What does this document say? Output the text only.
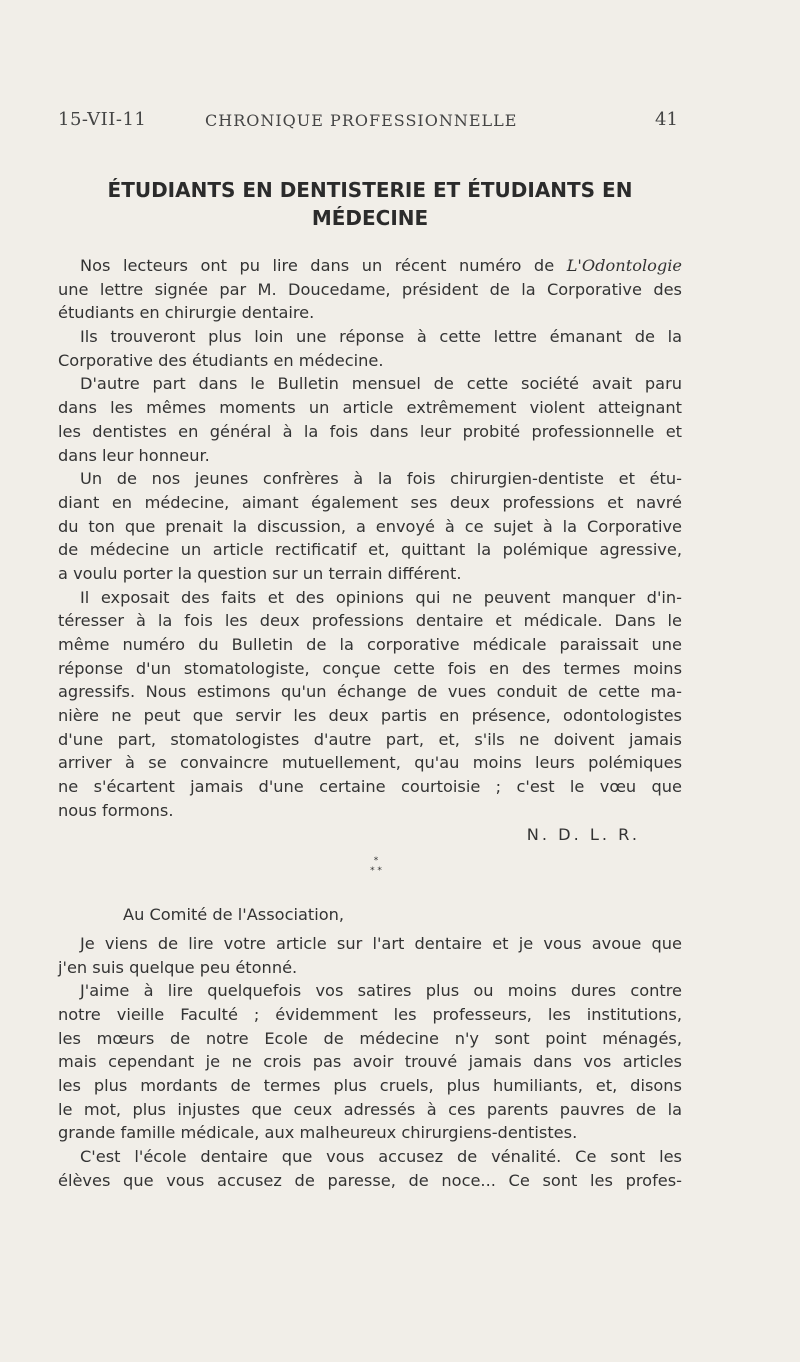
15-VII-11	CHRONIQUE PROFESSIONNELLE	41
ÉTUDIANTS EN DENTISTERIE ET ÉTUDIANTS EN
MÉDECINE
Nos lecteurs ont pu lire dans un récent numéro de L'Odontologie
une lettre signée par M. Doucedame, président de la Corporative des
étudiants en chirurgie dentaire.
Ils trouveront plus loin une réponse à cette lettre émanant de la
Corporative des étudiants en médecine.
D'autre part dans le Bulletin mensuel de cette société avait paru
dans les mêmes moments un article extrêmement violent atteignant
les dentistes en général à la fois dans leur probité professionnelle et
dans leur honneur.
Un de nos jeunes confrères à la fois chirurgien-dentiste et étu-
diant en médecine, aimant également ses deux professions et navré
du ton que prenait la discussion, a envoyé à ce sujet à la Corporative
de médecine un article rectificatif et, quittant la polémique agressive,
a voulu porter la question sur un terrain différent.
Il exposait des faits et des opinions qui ne peuvent manquer d'in-
téresser à la fois les deux professions dentaire et médicale. Dans le
même numéro du Bulletin de la corporative médicale paraissait une
réponse d'un stomatologiste, conçue cette fois en des termes moins
agressifs. Nous estimons qu'un échange de vues conduit de cette ma-
nière ne peut que servir les deux partis en présence, odontologistes
d'une part, stomatologistes d'autre part, et, s'ils ne doivent jamais
arriver à se convaincre mutuellement, qu'au moins leurs polémiques
ne s'écartent jamais d'une certaine courtoisie ; c'est le vœu que
nous formons.
N. D. L. R.
*
* *
Au Comité de l'Association,
Je viens de lire votre article sur l'art dentaire et je vous avoue que
j'en suis quelque peu étonné.
J'aime à lire quelquefois vos satires plus ou moins dures contre
notre vieille Faculté ; évidemment les professeurs, les institutions,
les mœurs de notre Ecole de médecine n'y sont point ménagés,
mais cependant je ne crois pas avoir trouvé jamais dans vos articles
les plus mordants de termes plus cruels, plus humiliants, et, disons
le mot, plus injustes que ceux adressés à ces parents pauvres de la
grande famille médicale, aux malheureux chirurgiens-dentistes.
C'est l'école dentaire que vous accusez de vénalité. Ce sont les
élèves que vous accusez de paresse, de noce... Ce sont les profes-
